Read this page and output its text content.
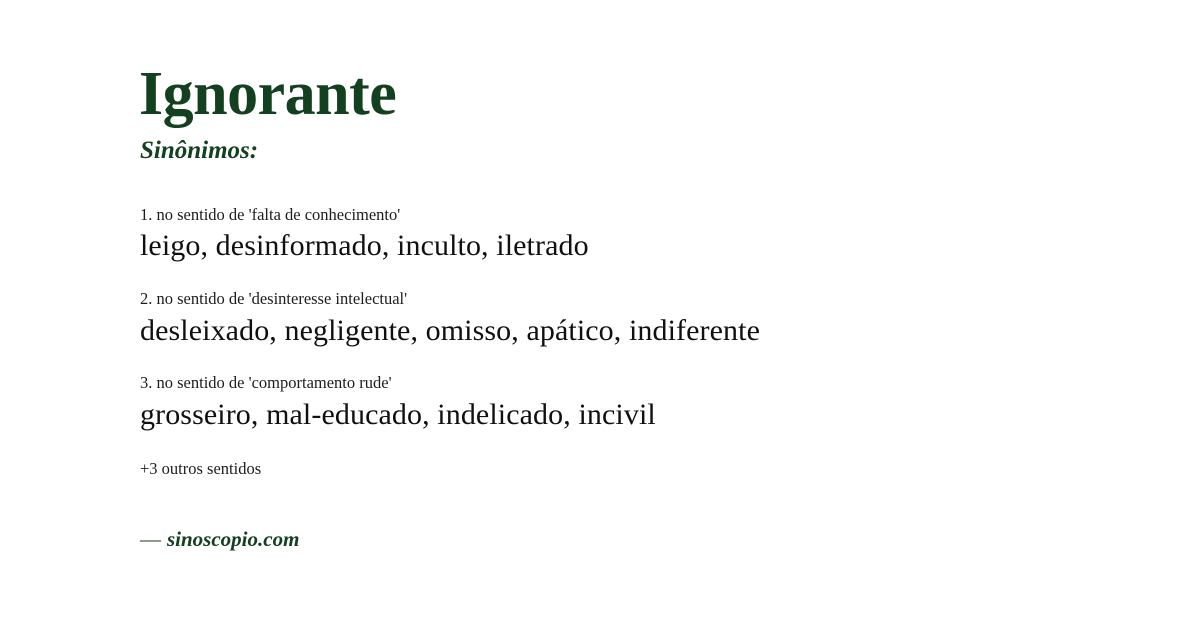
Ignorante
Sinônimos:
1. no sentido de 'falta de conhecimento'
leigo, desinformado, inculto, iletrado
2. no sentido de 'desinteresse intelectual'
desleixado, negligente, omisso, apático, indiferente
3. no sentido de 'comportamento rude'
grosseiro, mal-educado, indelicado, incivil
+3 outros sentidos
— sinoscopio.com
